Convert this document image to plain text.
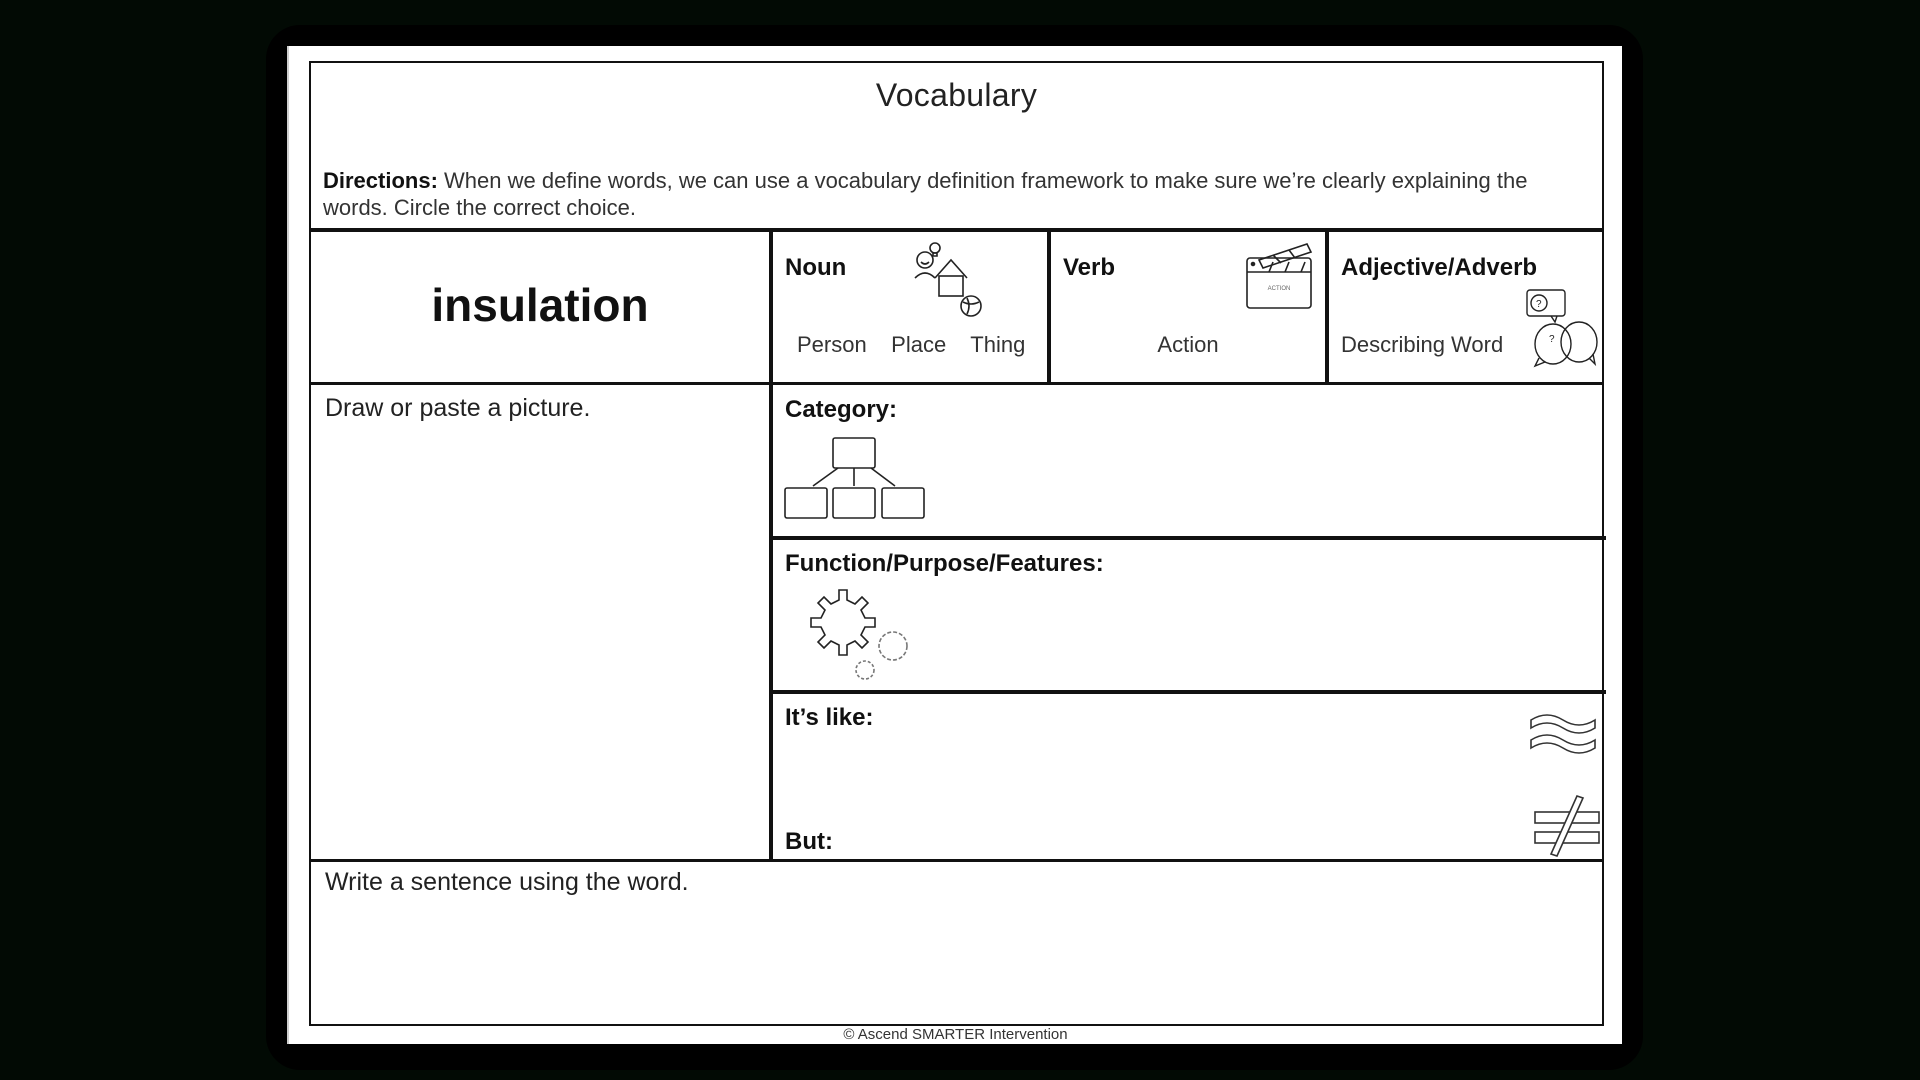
Vocabulary
Directions: When we define words, we can use a vocabulary definition framework to make sure we’re clearly explaining the words. Circle the correct choice.
insulation
Noun
Person Place Thing
Verb
ACTION
Action
Adjective/Adverb
?
?
Describing Word
Draw or paste a picture.	Category:
Function/Purpose/Features:
It’s like:
But:
Write a sentence using the word.
© Ascend SMARTER Intervention
